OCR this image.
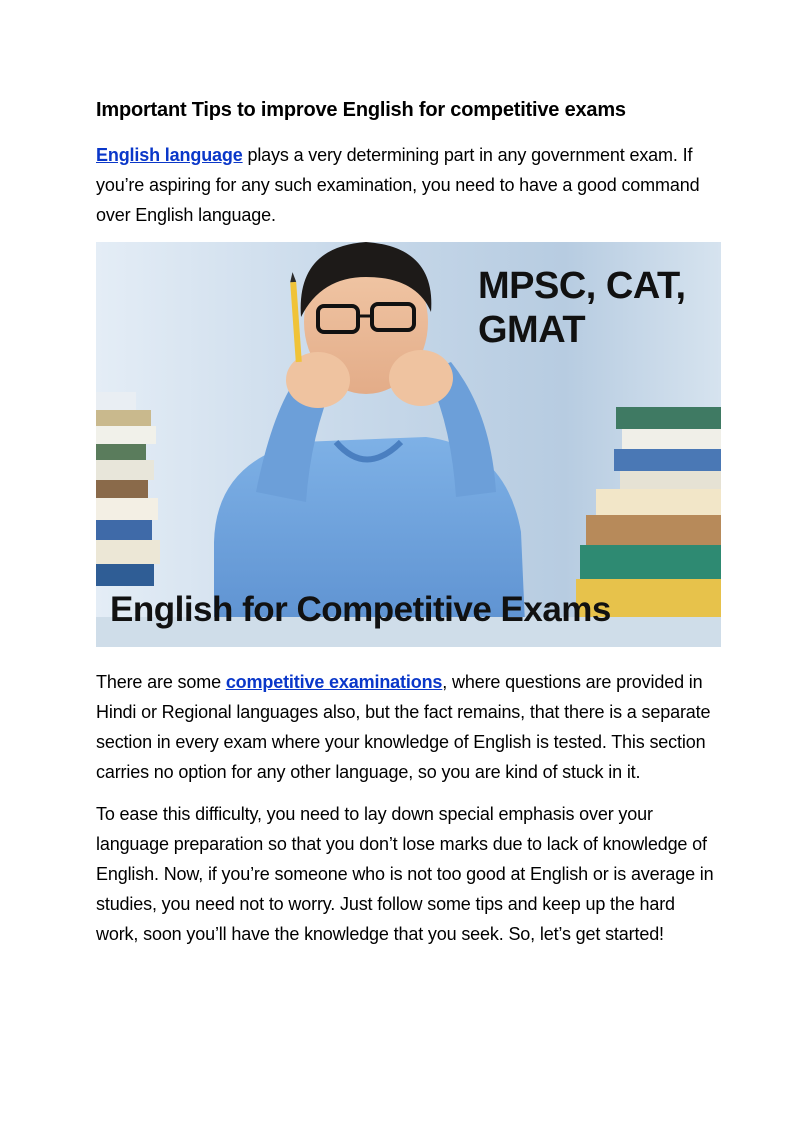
Important Tips to improve English for competitive exams

English language plays a very determining part in any government exam. If you’re aspiring for any such examination, you need to have a good command over English language.

MPSC, CAT, GMAT
English for Competitive Exams

There are some competitive examinations, where questions are provided in Hindi or Regional languages also, but the fact remains, that there is a separate section in every exam where your knowledge of English is tested. This section carries no option for any other language, so you are kind of stuck in it.

To ease this difficulty, you need to lay down special emphasis over your language preparation so that you don’t lose marks due to lack of knowledge of English. Now, if you’re someone who is not too good at English or is average in studies, you need not to worry. Just follow some tips and keep up the hard work, soon you’ll have the knowledge that you seek. So, let’s get started!
